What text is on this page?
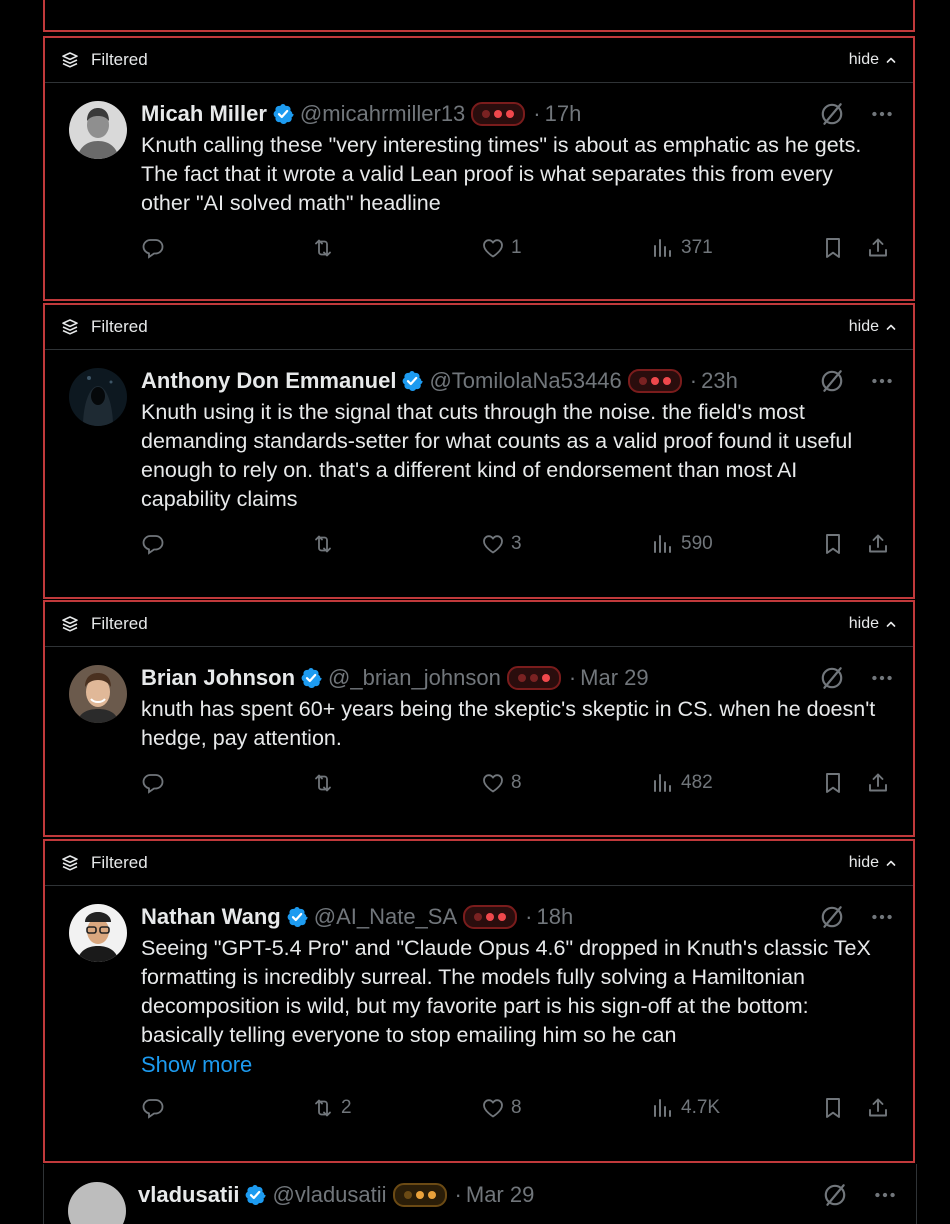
Filtered	hide
Micah Miller @micahrmiller13	· 17h
Knuth calling these "very interesting times" is about as emphatic as he gets. The fact that it wrote a valid Lean proof is what separates this from every other "AI solved math" headline
1	371
Filtered	hide
Anthony Don Emmanuel @TomilolaNa53446	· 23h
Knuth using it is the signal that cuts through the noise. the field's most demanding standards-setter for what counts as a valid proof found it useful enough to rely on. that's a different kind of endorsement than most AI capability claims
3	590
Filtered	hide
Brian Johnson @_brian_johnson	· Mar 29
knuth has spent 60+ years being the skeptic's skeptic in CS. when he doesn't hedge, pay attention.
8	482
Filtered	hide
Nathan Wang @AI_Nate_SA	· 18h
Seeing "GPT-5.4 Pro" and "Claude Opus 4.6" dropped in Knuth's classic TeX formatting is incredibly surreal. The models fully solving a Hamiltonian decomposition is wild, but my favorite part is his sign-off at the bottom: basically telling everyone to stop emailing him so he can
Show more
2	8	4.7K
vladusatii @vladusatii	· Mar 29
